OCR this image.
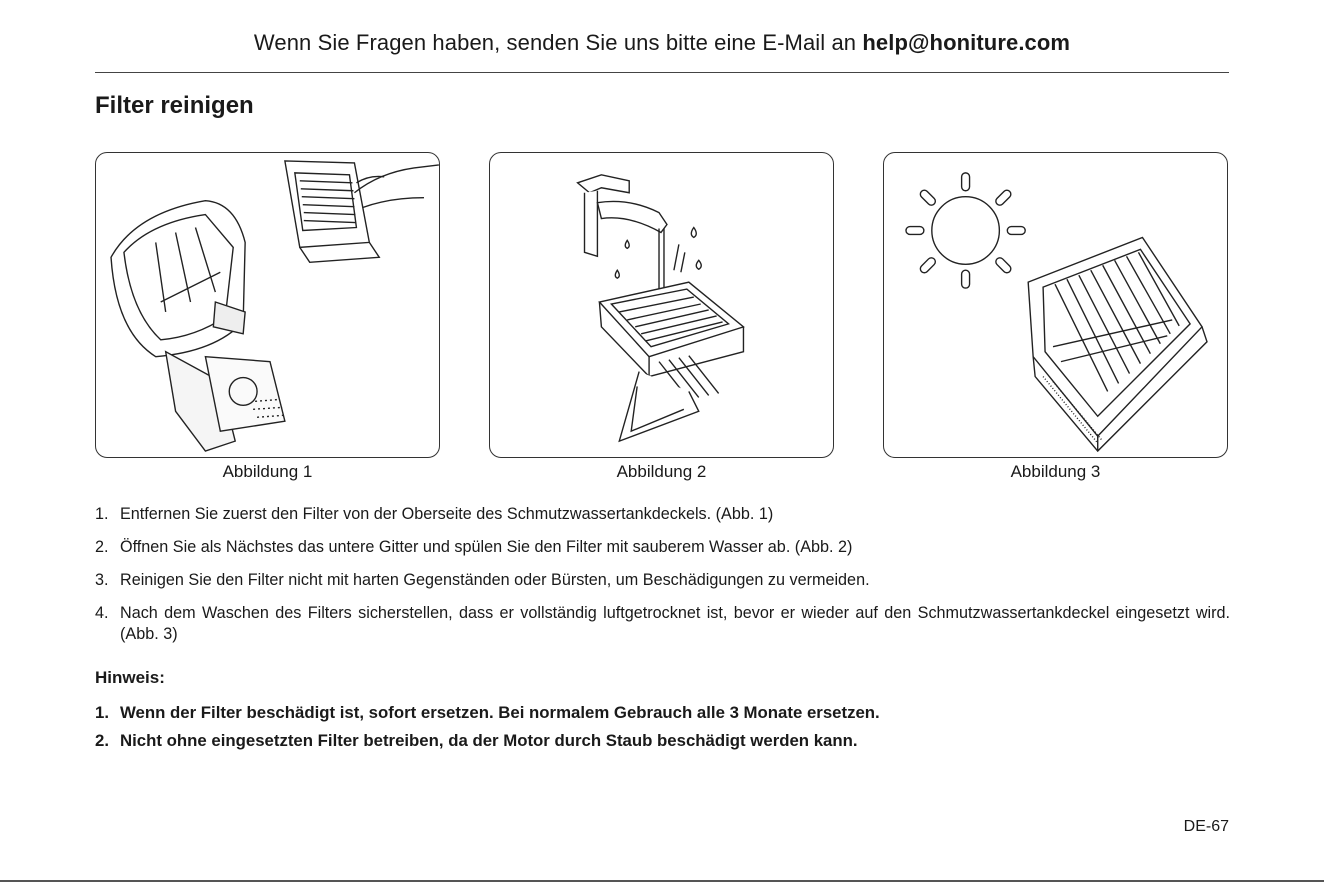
Wenn Sie Fragen haben, senden Sie uns bitte eine E-Mail an help@honiture.com
Filter reinigen
Abbildung 1	Abbildung 2	Abbildung 3
1. Entfernen Sie zuerst den Filter von der Oberseite des Schmutzwassertankdeckels. (Abb. 1)
2. Öffnen Sie als Nächstes das untere Gitter und spülen Sie den Filter mit sauberem Wasser ab. (Abb. 2)
3. Reinigen Sie den Filter nicht mit harten Gegenständen oder Bürsten, um Beschädigungen zu vermeiden.
4. Nach dem Waschen des Filters sicherstellen, dass er vollständig luftgetrocknet ist, bevor er wieder auf den Schmutzwassertankdeckel eingesetzt wird. (Abb. 3)
Hinweis:
1. Wenn der Filter beschädigt ist, sofort ersetzen. Bei normalem Gebrauch alle 3 Monate ersetzen.
2. Nicht ohne eingesetzten Filter betreiben, da der Motor durch Staub beschädigt werden kann.
DE-67
